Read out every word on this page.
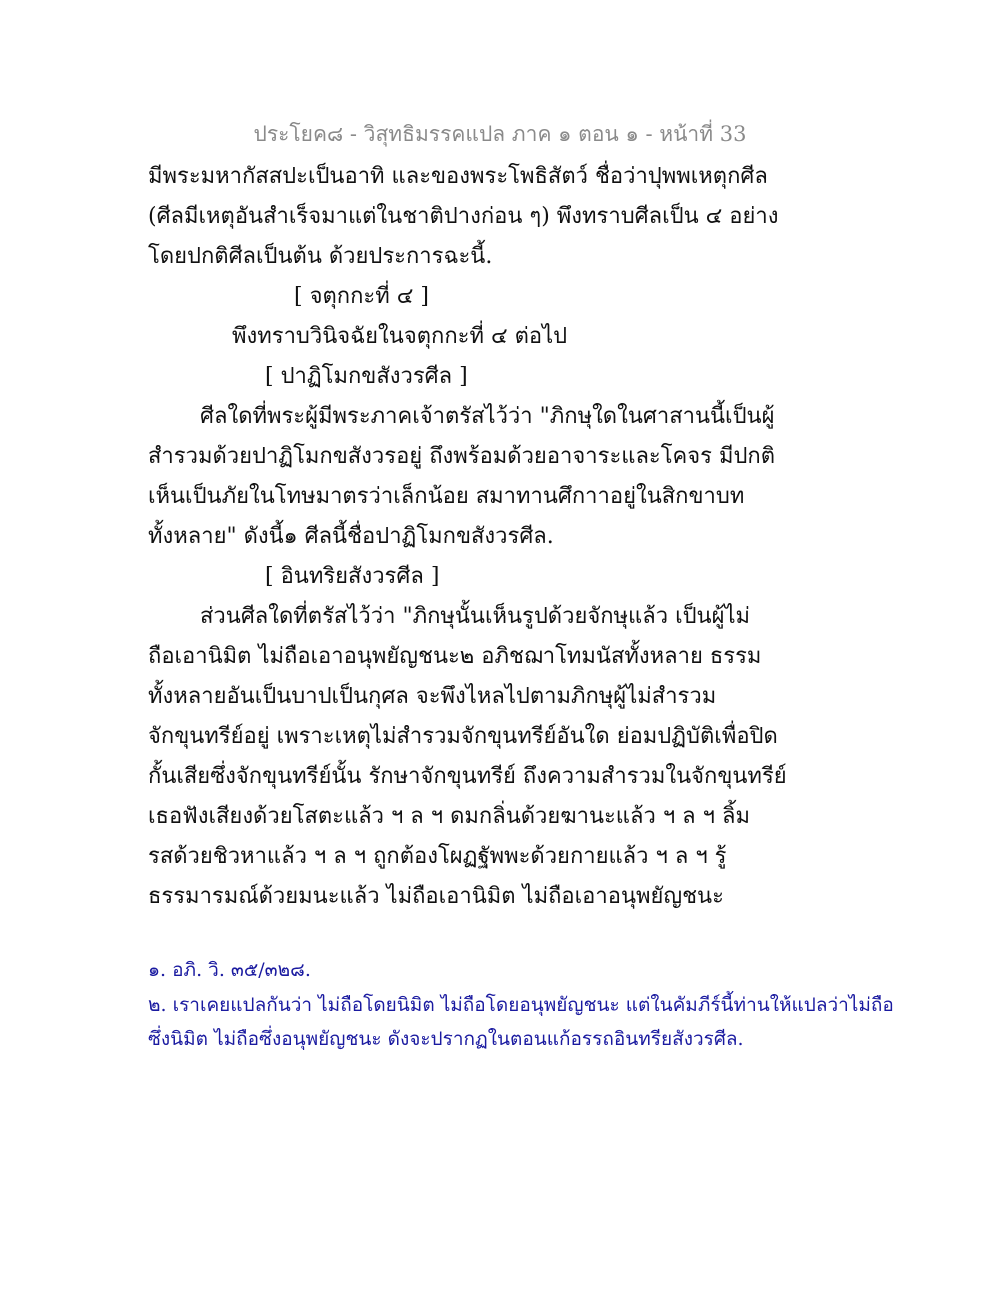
ประโยค๘ - วิสุทธิมรรคแปล ภาค ๑ ตอน ๑ - หน้าที่ 33
มีพระมหากัสสปะเป็นอาทิ และของพระโพธิสัตว์ ชื่อว่าปุพพเหตุกศีล
(ศีลมีเหตุอันสำเร็จมาแต่ในชาติปางก่อน ๆ) พึงทราบศีลเป็น ๔ อย่าง
โดยปกติศีลเป็นต้น ด้วยประการฉะนี้.
[ จตุกกะที่ ๔ ]
พึงทราบวินิจฉัยในจตุกกะที่ ๔ ต่อไป
[ ปาฏิโมกขสังวรศีล ]
ศีลใดที่พระผู้มีพระภาคเจ้าตรัสไว้ว่า "ภิกษุใดในศาสานนี้เป็นผู้
สำรวมด้วยปาฏิโมกขสังวรอยู่ ถึงพร้อมด้วยอาจาระและโคจร มีปกติ
เห็นเป็นภัยในโทษมาตรว่าเล็กน้อย สมาทานศึกาาอยู่ในสิกขาบท
ทั้งหลาย" ดังนี้๑ ศีลนี้ชื่อปาฏิโมกขสังวรศีล.
[ อินทริยสังวรศีล ]
ส่วนศีลใดที่ตรัสไว้ว่า "ภิกษุนั้นเห็นรูปด้วยจักษุแล้ว เป็นผู้ไม่
ถือเอานิมิต ไม่ถือเอาอนุพยัญชนะ๒ อภิชฌาโทมนัสทั้งหลาย ธรรม
ทั้งหลายอันเป็นบาปเป็นกุศล จะพึงไหลไปตามภิกษุผู้ไม่สำรวม
จักขุนทรีย์อยู่ เพราะเหตุไม่สำรวมจักขุนทรีย์อันใด ย่อมปฏิบัติเพื่อปิด
กั้นเสียซึ่งจักขุนทรีย์นั้น รักษาจักขุนทรีย์ ถึงความสำรวมในจักขุนทรีย์
เธอฟังเสียงด้วยโสตะแล้ว ฯ ล ฯ ดมกลิ่นด้วยฆานะแล้ว ฯ ล ฯ ลิ้ม
รสด้วยชิวหาแล้ว ฯ ล ฯ ถูกต้องโผฏฐัพพะด้วยกายแล้ว ฯ ล ฯ รู้
ธรรมารมณ์ด้วยมนะแล้ว ไม่ถือเอานิมิต ไม่ถือเอาอนุพยัญชนะ
๑. อภิ. วิ. ๓๕/๓๒๘.
๒. เราเคยแปลกันว่า ไม่ถือโดยนิมิต ไม่ถือโดยอนุพยัญชนะ แต่ในคัมภีร์นี้ท่านให้แปลว่าไม่ถือ
ซึ่งนิมิต ไม่ถือซึ่งอนุพยัญชนะ ดังจะปรากฏในตอนแก้อรรถอินทรียสังวรศีล.
